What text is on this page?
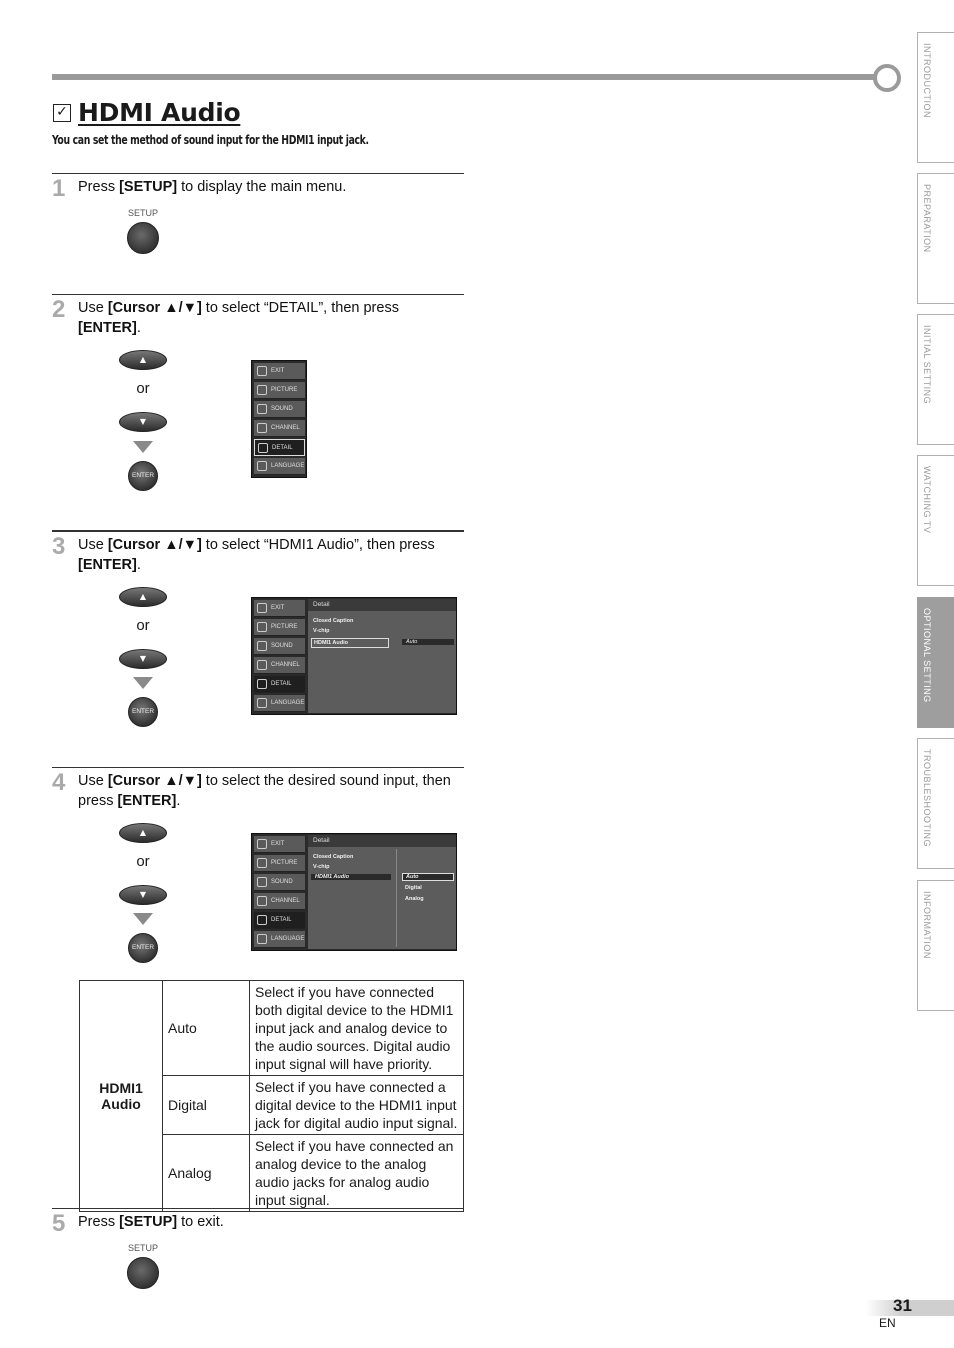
✓ HDMI Audio
You can set the method of sound input for the HDMI1 input jack.
1 Press [SETUP] to display the main menu.
SETUP
2 Use [Cursor ▲/▼] to select “DETAIL”, then press [ENTER].
▲
or
▼
ENTER
EXIT
PICTURE
SOUND
CHANNEL
DETAIL
LANGUAGE
3 Use [Cursor ▲/▼] to select “HDMI1 Audio”, then press [ENTER].
▲
or
▼
ENTER
EXIT
PICTURE
SOUND
CHANNEL
DETAIL
LANGUAGE
Detail
Closed Caption
V-chip
HDMI1 Audio	Auto
4 Use [Cursor ▲/▼] to select the desired sound input, then press [ENTER].
▲
or
▼
ENTER
EXIT
PICTURE
SOUND
CHANNEL
DETAIL
LANGUAGE
Detail
Closed Caption
V-chip
HDMI1 Audio	Auto
Digital
Analog
HDMI1 Audio	Auto	Select if you have connected both digital device to the HDMI1 input jack and analog device to the audio sources. Digital audio input signal will have priority.
	Digital	Select if you have connected a digital device to the HDMI1 input jack for digital audio input signal.
	Analog	Select if you have connected an analog device to the analog audio jacks for analog audio input signal.
5 Press [SETUP] to exit.
SETUP
INTRODUCTION
PREPARATION
INITIAL SETTING
WATCHING TV
OPTIONAL SETTING
TROUBLESHOOTING
INFORMATION
31
EN
